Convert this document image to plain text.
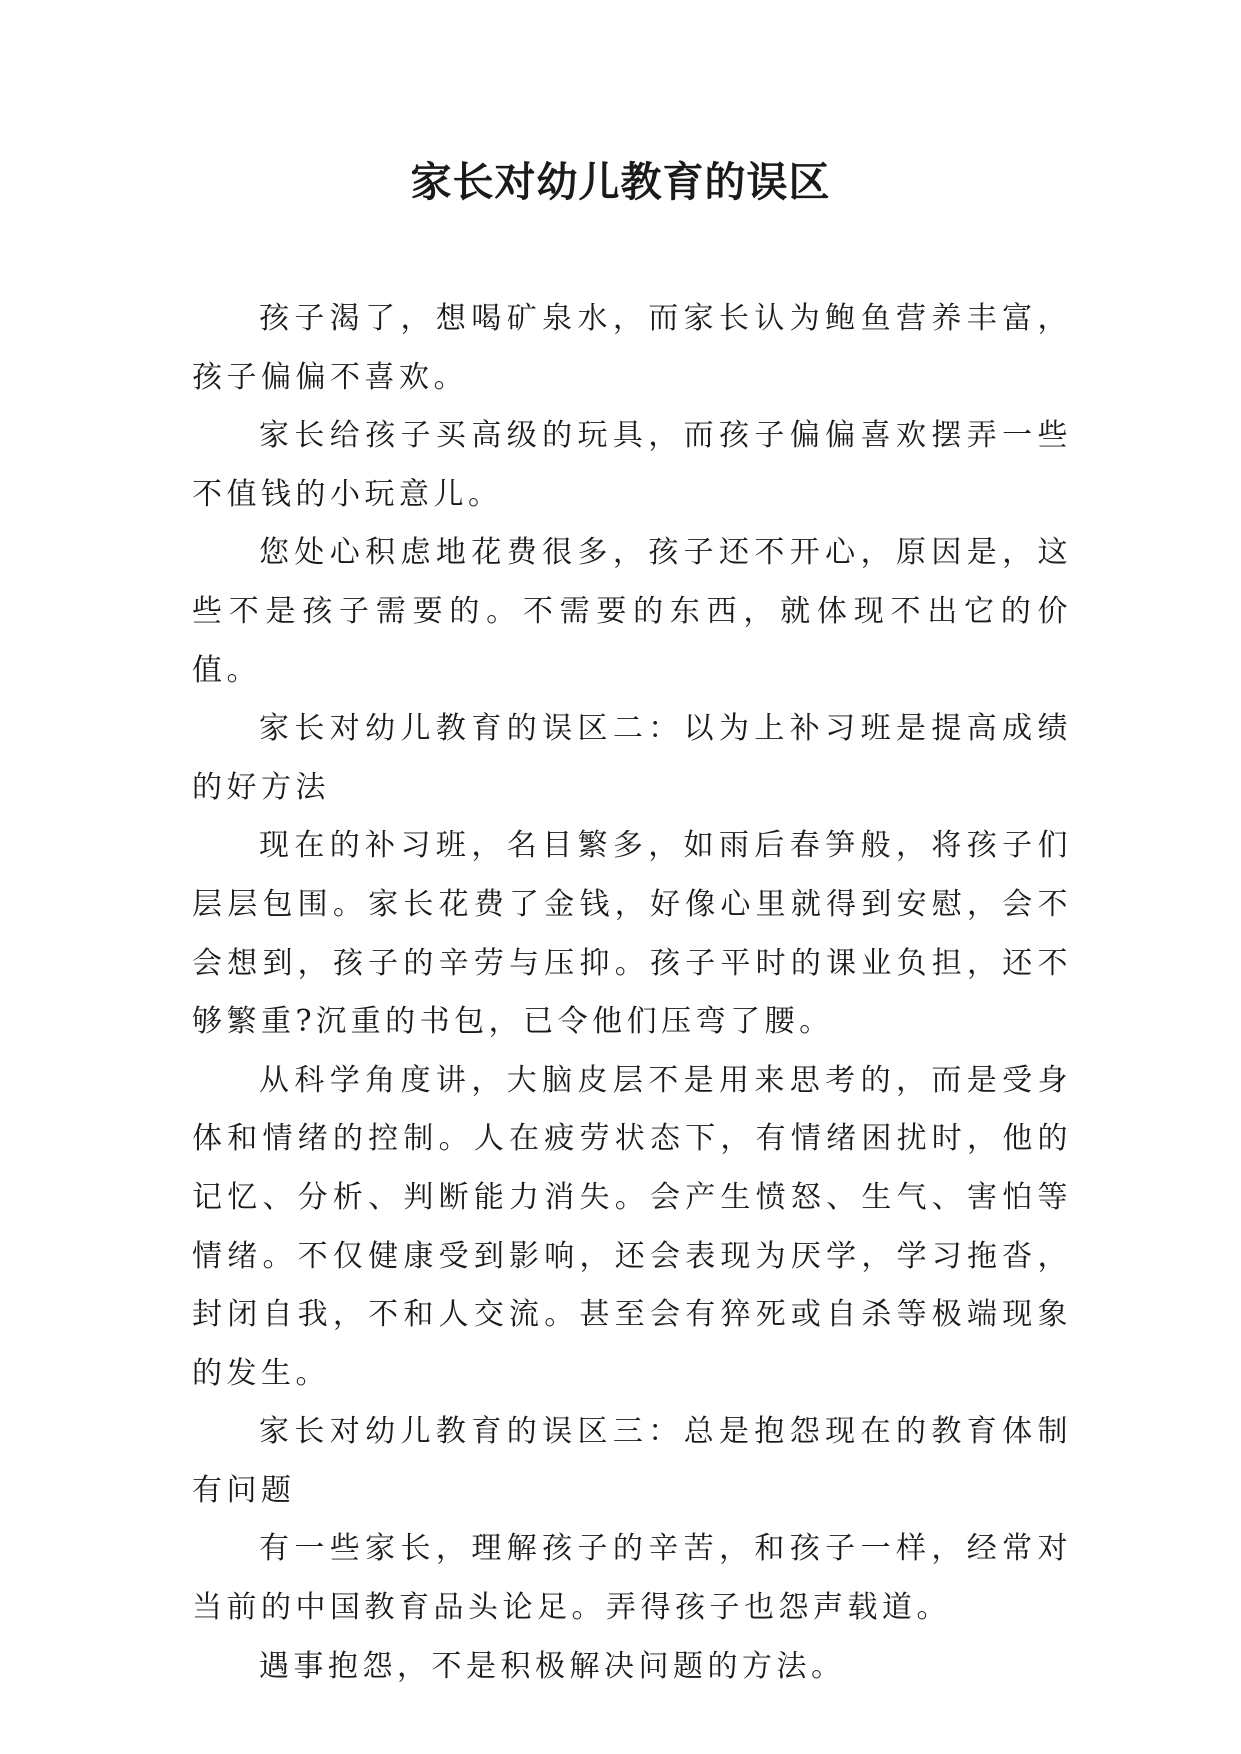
家长对幼儿教育的误区

孩子渴了，想喝矿泉水，而家长认为鲍鱼营养丰富，孩子偏偏不喜欢。

家长给孩子买高级的玩具，而孩子偏偏喜欢摆弄一些不值钱的小玩意儿。

您处心积虑地花费很多，孩子还不开心，原因是，这些不是孩子需要的。不需要的东西，就体现不出它的价值。

家长对幼儿教育的误区二：以为上补习班是提高成绩的好方法

现在的补习班，名目繁多，如雨后春笋般，将孩子们层层包围。家长花费了金钱，好像心里就得到安慰，会不会想到，孩子的辛劳与压抑。孩子平时的课业负担，还不够繁重?沉重的书包，已令他们压弯了腰。

从科学角度讲，大脑皮层不是用来思考的，而是受身体和情绪的控制。人在疲劳状态下，有情绪困扰时，他的记忆、分析、判断能力消失。会产生愤怒、生气、害怕等情绪。不仅健康受到影响，还会表现为厌学，学习拖沓，封闭自我，不和人交流。甚至会有猝死或自杀等极端现象的发生。

家长对幼儿教育的误区三：总是抱怨现在的教育体制有问题

有一些家长，理解孩子的辛苦，和孩子一样，经常对当前的中国教育品头论足。弄得孩子也怨声载道。

遇事抱怨，不是积极解决问题的方法。
